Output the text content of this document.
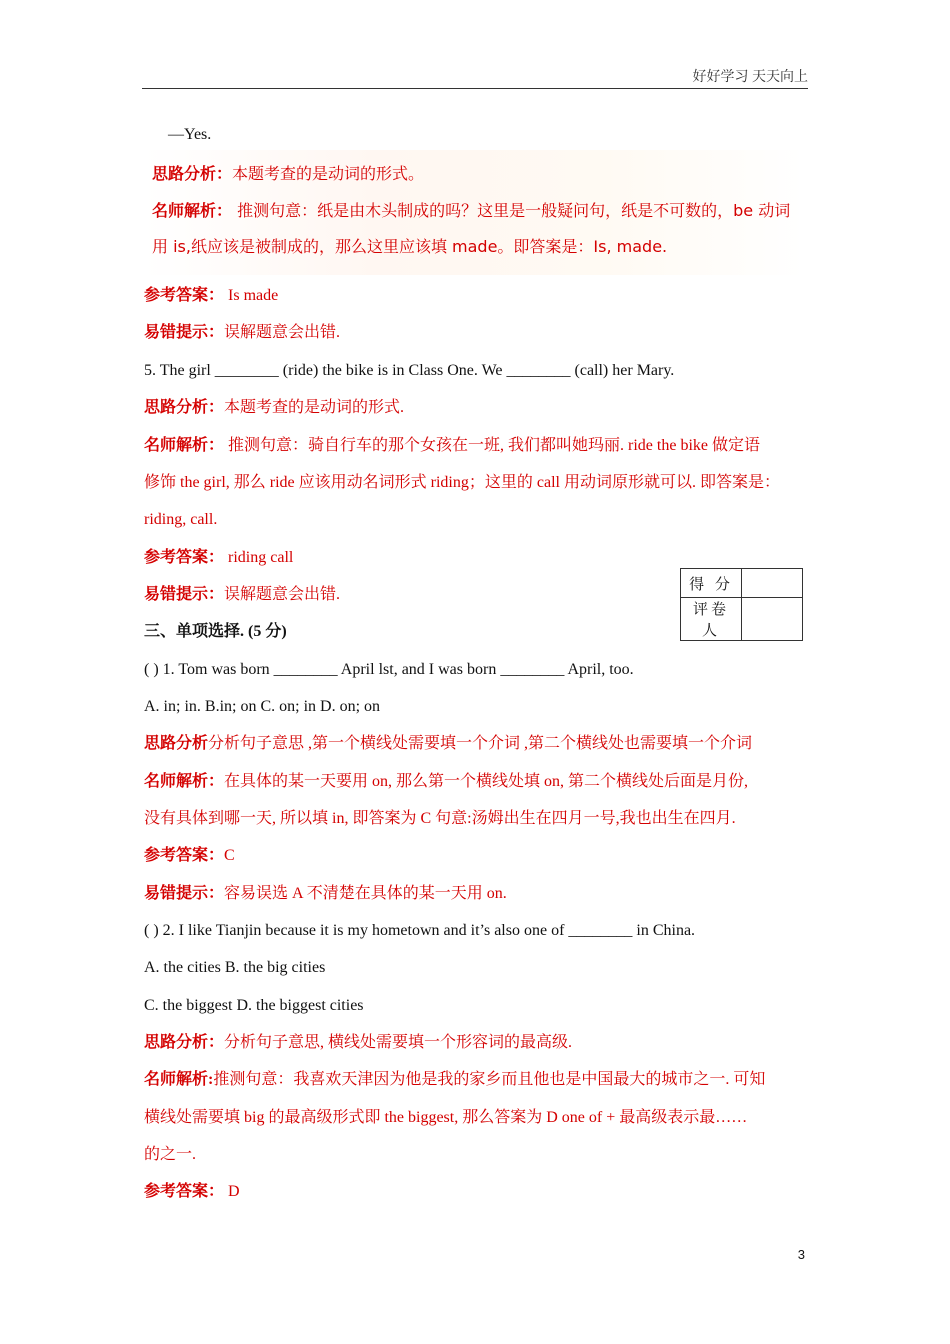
好好学习 天天向上
—Yes.
思路分析：本题考查的是动词的形式。
名师解析： 推测句意：纸是由木头制成的吗？这里是一般疑问句，纸是不可数的，be 动词
用 is,纸应该是被制成的，那么这里应该填 made。即答案是：Is, made.
参考答案： Is made
易错提示：误解题意会出错.
5. The girl ________ (ride) the bike is in Class One. We ________ (call) her Mary.
思路分析：本题考查的是动词的形式.
名师解析： 推测句意：骑自行车的那个女孩在一班, 我们都叫她玛丽. ride the bike 做定语
修饰 the girl, 那么 ride 应该用动名词形式 riding；这里的 call 用动词原形就可以. 即答案是：
riding, call.
参考答案： riding call
易错提示：误解题意会出错.
得 分	
评卷人	
三、单项选择. (5 分)
( ) 1. Tom was born ________ April lst, and I was born ________ April, too.
A. in; in. B.in; on C. on; in D. on; on
思路分析分析句子意思 ,第一个横线处需要填一个介词 ,第二个横线处也需要填一个介词
名师解析：在具体的某一天要用 on, 那么第一个横线处填 on, 第二个横线处后面是月份,
没有具体到哪一天, 所以填 in, 即答案为 C 句意:汤姆出生在四月一号,我也出生在四月.
参考答案：C
易错提示：容易误选 A 不清楚在具体的某一天用 on.
( ) 2. I like Tianjin because it is my hometown and it’s also one of ________ in China.
A. the cities B. the big cities
C. the biggest D. the biggest cities
思路分析：分析句子意思, 横线处需要填一个形容词的最高级.
名师解析:推测句意：我喜欢天津因为他是我的家乡而且他也是中国最大的城市之一. 可知
横线处需要填 big 的最高级形式即 the biggest, 那么答案为 D one of + 最高级表示最……
的之一.
参考答案： D
3
